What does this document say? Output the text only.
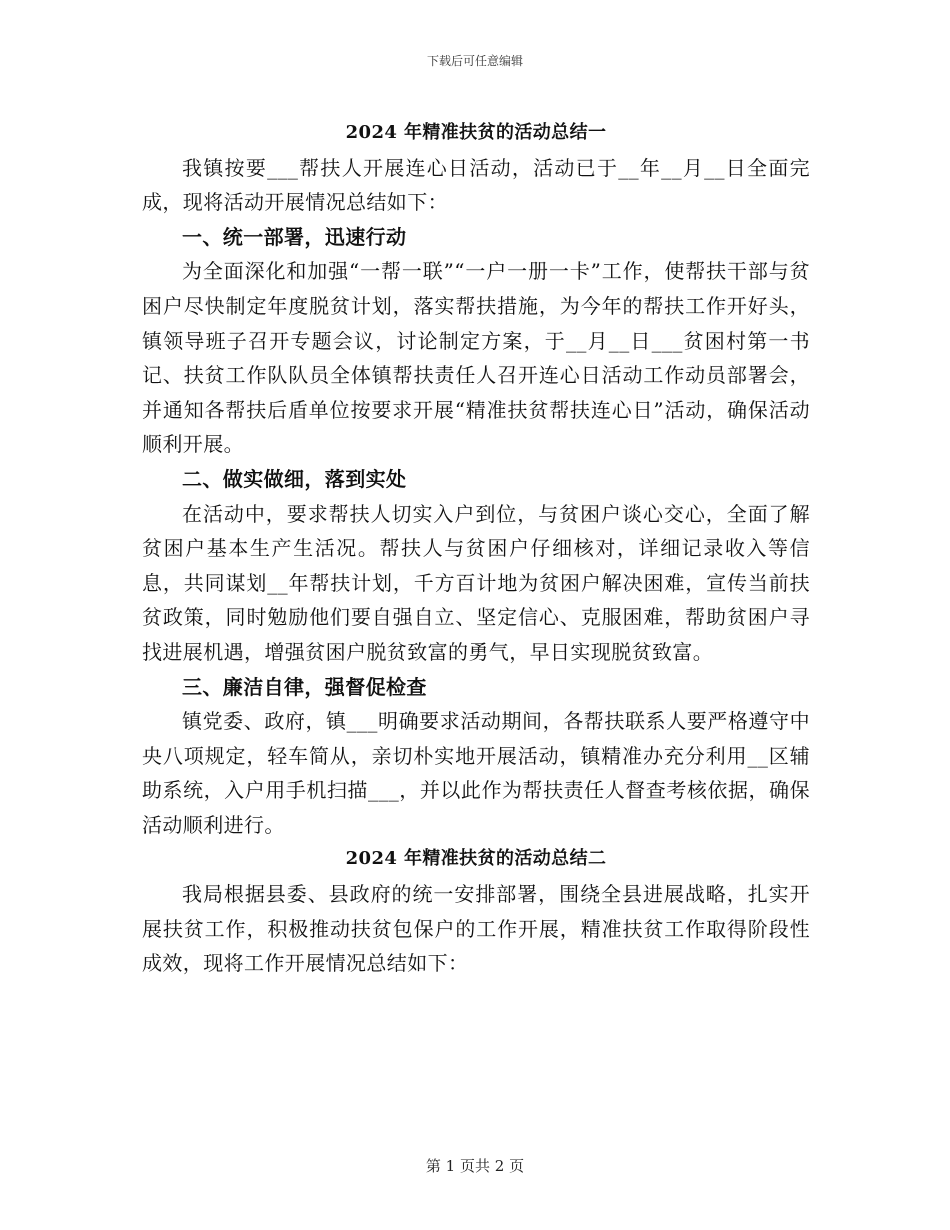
下载后可任意编辑
2024 年精准扶贫的活动总结一

我镇按要___帮扶人开展连心日活动，活动已于__年__月__日全面完成，现将活动开展情况总结如下：

一、统一部署，迅速行动

为全面深化和加强“一帮一联”“一户一册一卡”工作，使帮扶干部与贫困户尽快制定年度脱贫计划，落实帮扶措施，为今年的帮扶工作开好头，镇领导班子召开专题会议，讨论制定方案，于__月__日___贫困村第一书记、扶贫工作队队员全体镇帮扶责任人召开连心日活动工作动员部署会，并通知各帮扶后盾单位按要求开展“精准扶贫帮扶连心日”活动，确保活动顺利开展。

二、做实做细，落到实处

在活动中，要求帮扶人切实入户到位，与贫困户谈心交心，全面了解贫困户基本生产生活况。帮扶人与贫困户仔细核对，详细记录收入等信息，共同谋划__年帮扶计划，千方百计地为贫困户解决困难，宣传当前扶贫政策，同时勉励他们要自强自立、坚定信心、克服困难，帮助贫困户寻找进展机遇，增强贫困户脱贫致富的勇气，早日实现脱贫致富。

三、廉洁自律，强督促检查

镇党委、政府，镇___明确要求活动期间，各帮扶联系人要严格遵守中央八项规定，轻车简从，亲切朴实地开展活动，镇精准办充分利用__区辅助系统，入户用手机扫描___，并以此作为帮扶责任人督查考核依据，确保活动顺利进行。

2024 年精准扶贫的活动总结二

我局根据县委、县政府的统一安排部署，围绕全县进展战略，扎实开展扶贫工作，积极推动扶贫包保户的工作开展，精准扶贫工作取得阶段性成效，现将工作开展情况总结如下：

第 1 页共 2 页
